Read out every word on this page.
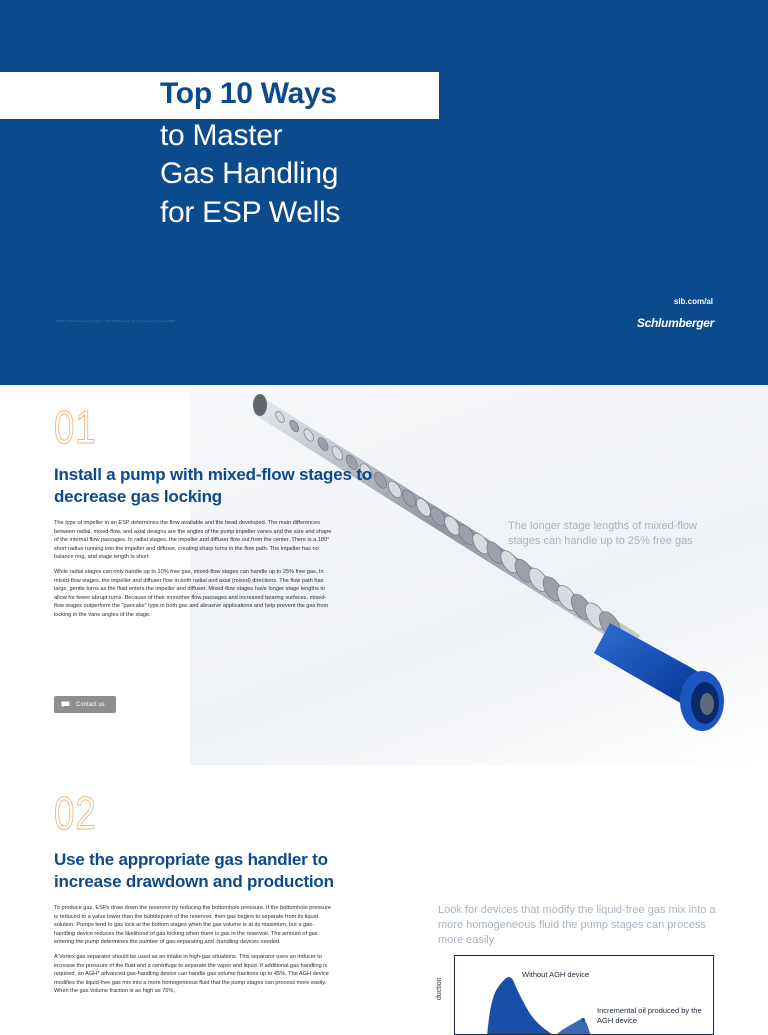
Top 10 Ways
to Master
Gas Handling
for ESP Wells
*Mark of Schlumberger Copyright © 2019 Schlumberger. All rights reserved. 19-AL-00000
slb.com/al
Schlumberger
The longer stage lengths of mixed-flow stages can handle up to 25% free gas
01
Install a pump with mixed-flow stages to decrease gas locking

The type of impeller in an ESP determines the flow available and the head developed. The main differences between radial, mixed-flow, and axial designs are the angles of the pump impeller vanes and the size and shape of the internal flow passages. In radial stages, the impeller and diffuser flow out from the center. There is a 180° short radius running into the impeller and diffuser, creating sharp turns in the flow path. The impeller has no balance ring, and stage length is short.

While radial stages can only handle up to 10% free gas, mixed-flow stages can handle up to 25% free gas. In mixed-flow stages, the impeller and diffuser flow in both radial and axial (mixed) directions. The flow path has large, gentle turns as the fluid enters the impeller and diffuser. Mixed-flow stages have longer stage lengths to allow for fewer abrupt turns. Because of their smoother flow passages and increased bearing surfaces, mixed-flow stages outperform the "pancake" type in both gas and abrasive applications and help prevent the gas from locking in the vane angles of the stage.

Contact us
02
Use the appropriate gas handler to increase drawdown and production

To produce gas, ESPs draw down the reservoir by reducing the bottomhole pressure. If the bottomhole pressure is reduced to a value lower than the bubblepoint of the reservoir, then gas begins to separate from its liquid solution. Pumps tend to gas lock at the bottom stages when the gas volume is at its maximum, but a gas-handling device reduces the likelihood of gas locking when there is gas in the reservoir. The amount of gas entering the pump determines the number of gas-separating and -handling devices needed.

A Vortex gas separator should be used as an intake in high-gas situations. This separator uses an inducer to increase the pressure of the fluid and a centrifuge to separate the vapor and liquid. If additional gas handling is required, an AGH* advanced gas-handling device can handle gas volume fractions up to 45%. The AGH device modifies the liquid-free gas mix into a more homogeneous fluid that the pump stages can process more easily. When the gas volume fraction is as high as 75%,

Look for devices that modify the liquid-free gas mix into a more homogeneous fluid the pump stages can process more easily
duction
Without AGH device
Incremental oil produced by the AGH device
